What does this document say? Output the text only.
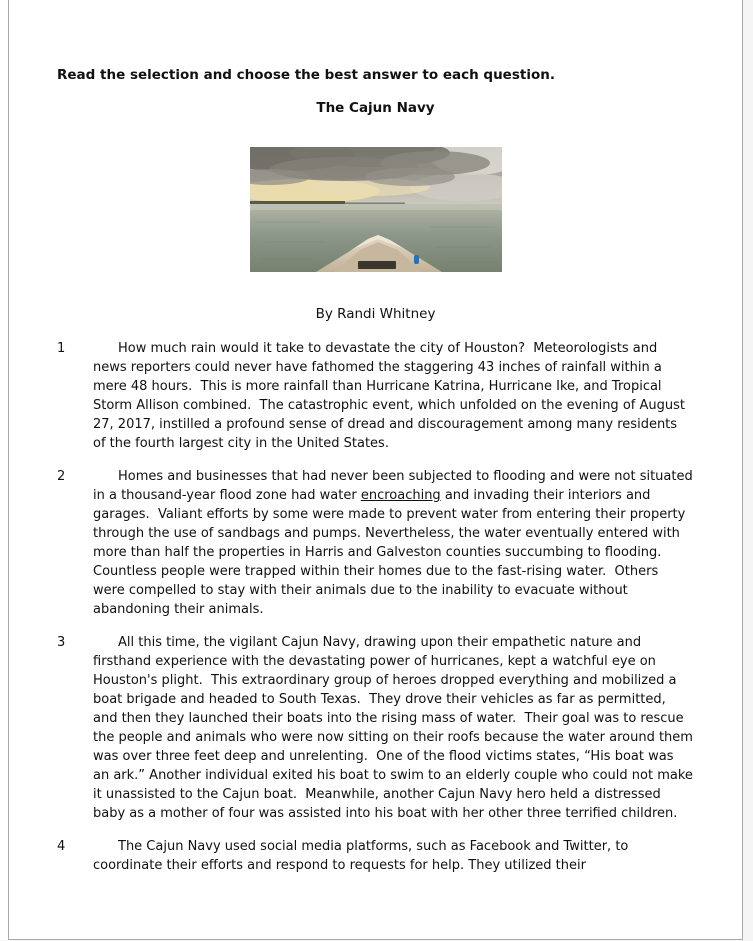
Read the selection and choose the best answer to each question.
The Cajun Navy
By Randi Whitney
1	How much rain would it take to devastate the city of Houston?  Meteorologists and news reporters could never have fathomed the staggering 43 inches of rainfall within a mere 48 hours.  This is more rainfall than Hurricane Katrina, Hurricane Ike, and Tropical Storm Allison combined.  The catastrophic event, which unfolded on the evening of August 27, 2017, instilled a profound sense of dread and discouragement among many residents of the fourth largest city in the United States.
2	Homes and businesses that had never been subjected to flooding and were not situated in a thousand-year flood zone had water encroaching and invading their interiors and garages.  Valiant efforts by some were made to prevent water from entering their property through the use of sandbags and pumps. Nevertheless, the water eventually entered with more than half the properties in Harris and Galveston counties succumbing to flooding.  Countless people were trapped within their homes due to the fast-rising water.  Others were compelled to stay with their animals due to the inability to evacuate without abandoning their animals.
3	All this time, the vigilant Cajun Navy, drawing upon their empathetic nature and firsthand experience with the devastating power of hurricanes, kept a watchful eye on Houston's plight.  This extraordinary group of heroes dropped everything and mobilized a boat brigade and headed to South Texas.  They drove their vehicles as far as permitted, and then they launched their boats into the rising mass of water.  Their goal was to rescue the people and animals who were now sitting on their roofs because the water around them was over three feet deep and unrelenting.  One of the flood victims states, “His boat was an ark.” Another individual exited his boat to swim to an elderly couple who could not make it unassisted to the Cajun boat.  Meanwhile, another Cajun Navy hero held a distressed baby as a mother of four was assisted into his boat with her other three terrified children.
4	The Cajun Navy used social media platforms, such as Facebook and Twitter, to coordinate their efforts and respond to requests for help. They utilized their
